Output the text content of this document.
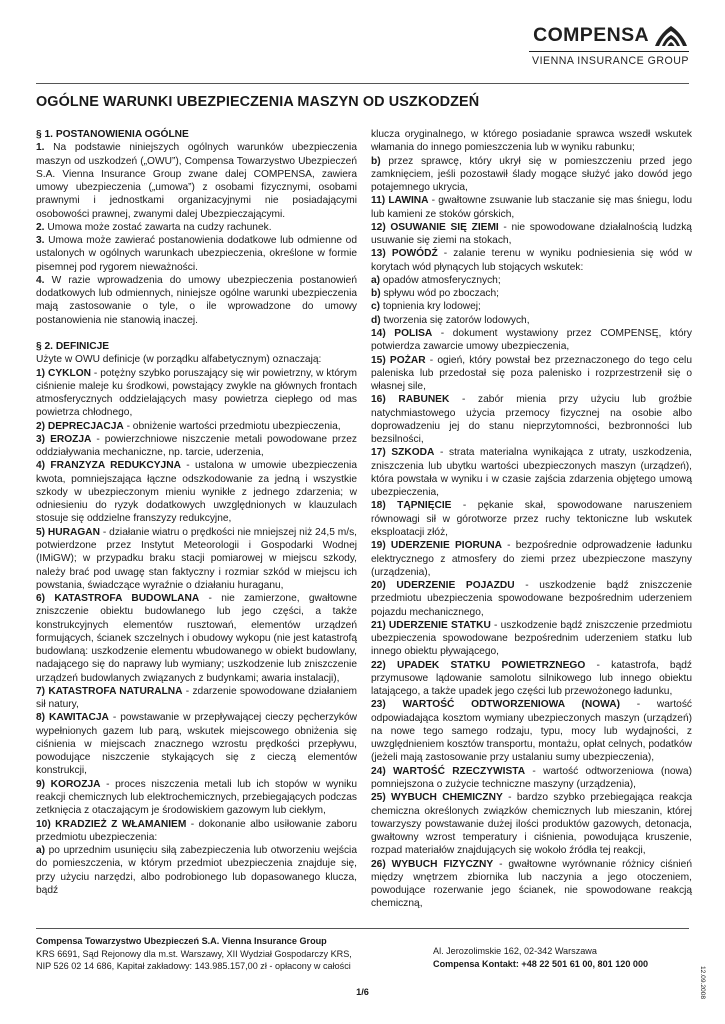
COMPENSA
VIENNA INSURANCE GROUP
OGÓLNE WARUNKI UBEZPIECZENIA MASZYN OD USZKODZEŃ

§ 1. POSTANOWIENIA OGÓLNE

1. Na podstawie niniejszych ogólnych warunków ubezpieczenia maszyn od uszkodzeń („OWU”), Compensa Towarzystwo Ubezpieczeń S.A. Vienna Insurance Group zwane dalej COMPENSA, zawiera umowy ubezpieczenia („umowa”) z osobami fizycznymi, osobami prawnymi i jednostkami organizacyjnymi nie posiadającymi osobowości prawnej, zwanymi dalej Ubezpieczającymi.

2. Umowa może zostać zawarta na cudzy rachunek.

3. Umowa może zawierać postanowienia dodatkowe lub odmienne od ustalonych w ogólnych warunkach ubezpieczenia, określone w formie pisemnej pod rygorem nieważności.

4. W razie wprowadzenia do umowy ubezpieczenia postanowień dodatkowych lub odmiennych, niniejsze ogólne warunki ubezpieczenia mają zastosowanie o tyle, o ile wprowadzone do umowy postanowienia nie stanowią inaczej.

§ 2. DEFINICJE

Użyte w OWU definicje (w porządku alfabetycznym) oznaczają:

1) CYKLON - potężny szybko poruszający się wir powietrzny, w którym ciśnienie maleje ku środkowi, powstający zwykle na głównych frontach atmosferycznych oddzielających masy powietrza ciepłego od mas powietrza chłodnego,

2) DEPRECJACJA - obniżenie wartości przedmiotu ubezpieczenia,

3) EROZJA - powierzchniowe niszczenie metali powodowane przez oddziaływania mechaniczne, np. tarcie, uderzenia,

4) FRANZYZA REDUKCYJNA - ustalona w umowie ubezpieczenia kwota, pomniejszająca łączne odszkodowanie za jedną i wszystkie szkody w ubezpieczonym mieniu wynikłe z jednego zdarzenia; w odniesieniu do ryzyk dodatkowych uwzględnionych w klauzulach stosuje się oddzielne franszyzy redukcyjne,

5) HURAGAN - działanie wiatru o prędkości nie mniejszej niż 24,5 m/s, potwierdzone przez Instytut Meteorologii i Gospodarki Wodnej (IMiGW); w przypadku braku stacji pomiarowej w miejscu szkody, należy brać pod uwagę stan faktyczny i rozmiar szkód w miejscu ich powstania, świadczące wyraźnie o działaniu huraganu,

6) KATASTROFA BUDOWLANA - nie zamierzone, gwałtowne zniszczenie obiektu budowlanego lub jego części, a także konstrukcyjnych elementów rusztowań, elementów urządzeń formujących, ścianek szczelnych i obudowy wykopu (nie jest katastrofą budowlaną: uszkodzenie elementu wbudowanego w obiekt budowlany, nadającego się do naprawy lub wymiany; uszkodzenie lub zniszczenie urządzeń budowlanych związanych z budynkami; awaria instalacji),

7) KATASTROFA NATURALNA - zdarzenie spowodowane działaniem sił natury,

8) KAWITACJA - powstawanie w przepływającej cieczy pęcherzyków wypełnionych gazem lub parą, wskutek miejscowego obniżenia się ciśnienia w miejscach znacznego wzrostu prędkości przepływu, powodujące niszczenie stykających się z cieczą elementów konstrukcji,

9) KOROZJA - proces niszczenia metali lub ich stopów w wyniku reakcji chemicznych lub elektrochemicznych, przebiegających podczas zetknięcia z otaczającym je środowiskiem gazowym lub ciekłym,

10) KRADZIEŻ Z WŁAMANIEM - dokonanie albo usiłowanie zaboru przedmiotu ubezpieczenia:

a) po uprzednim usunięciu siłą zabezpieczenia lub otworzeniu wejścia do pomieszczenia, w którym przedmiot ubezpieczenia znajduje się, przy użyciu narzędzi, albo podrobionego lub dopasowanego klucza, bądź

klucza oryginalnego, w którego posiadanie sprawca wszedł wskutek włamania do innego pomieszczenia lub w wyniku rabunku;

b) przez sprawcę, który ukrył się w pomieszczeniu przed jego zamknięciem, jeśli pozostawił ślady mogące służyć jako dowód jego potajemnego ukrycia,

11) LAWINA - gwałtowne zsuwanie lub staczanie się mas śniegu, lodu lub kamieni ze stoków górskich,

12) OSUWANIE SIĘ ZIEMI - nie spowodowane działalnością ludzką usuwanie się ziemi na stokach,

13) POWÓDŹ - zalanie terenu w wyniku podniesienia się wód w korytach wód płynących lub stojących wskutek:

a) opadów atmosferycznych;

b) spływu wód po zboczach;

c) topnienia kry lodowej;

d) tworzenia się zatorów lodowych,

14) POLISA - dokument wystawiony przez COMPENSĘ, który potwierdza zawarcie umowy ubezpieczenia,

15) POŻAR - ogień, który powstał bez przeznaczonego do tego celu paleniska lub przedostał się poza palenisko i rozprzestrzenił się o własnej sile,

16) RABUNEK - zabór mienia przy użyciu lub groźbie natychmiastowego użycia przemocy fizycznej na osobie albo doprowadzeniu jej do stanu nieprzytomności, bezbronności lub bezsilności,

17) SZKODA - strata materialna wynikająca z utraty, uszkodzenia, zniszczenia lub ubytku wartości ubezpieczonych maszyn (urządzeń), która powstała w wyniku i w czasie zajścia zdarzenia objętego umową ubezpieczenia,

18) TĄPNIĘCIE - pękanie skał, spowodowane naruszeniem równowagi sił w górotworze przez ruchy tektoniczne lub wskutek eksploatacji złóż,

19) UDERZENIE PIORUNA - bezpośrednie odprowadzenie ładunku elektrycznego z atmosfery do ziemi przez ubezpieczone maszyny (urządzenia),

20) UDERZENIE POJAZDU - uszkodzenie bądź zniszczenie przedmiotu ubezpieczenia spowodowane bezpośrednim uderzeniem pojazdu mechanicznego,

21) UDERZENIE STATKU - uszkodzenie bądź zniszczenie przedmiotu ubezpieczenia spowodowane bezpośrednim uderzeniem statku lub innego obiektu pływającego,

22) UPADEK STATKU POWIETRZNEGO - katastrofa, bądź przymusowe lądowanie samolotu silnikowego lub innego obiektu latającego, a także upadek jego części lub przewożonego ładunku,

23) WARTOŚĆ ODTWORZENIOWA (NOWA) - wartość odpowiadająca kosztom wymiany ubezpieczonych maszyn (urządzeń) na nowe tego samego rodzaju, typu, mocy lub wydajności, z uwzględnieniem kosztów transportu, montażu, opłat celnych, podatków (jeżeli mają zastosowanie przy ustalaniu sumy ubezpieczenia),

24) WARTOŚĆ RZECZYWISTA - wartość odtworzeniowa (nowa) pomniejszona o zużycie techniczne maszyny (urządzenia),

25) WYBUCH CHEMICZNY - bardzo szybko przebiegająca reakcja chemiczna określonych związków chemicznych lub mieszanin, której towarzyszy powstawanie dużej ilości produktów gazowych, detonacja, gwałtowny wzrost temperatury i ciśnienia, powodująca kruszenie, rozpad materiałów znajdujących się wokoło źródła tej reakcji,

26) WYBUCH FIZYCZNY - gwałtowne wyrównanie różnicy ciśnień między wnętrzem zbiornika lub naczynia a jego otoczeniem, powodujące rozerwanie jego ścianek, nie spowodowane reakcją chemiczną,

Compensa Towarzystwo Ubezpieczeń S.A. Vienna Insurance Group
KRS 6691, Sąd Rejonowy dla m.st. Warszawy, XII Wydział Gospodarczy KRS,
NIP 526 02 14 686, Kapitał zakładowy: 143.985.157,00 zł - opłacony w całości
Al. Jerozolimskie 162, 02-342 Warszawa
Compensa Kontakt: +48 22 501 61 00, 801 120 000
1/6	12.09.2008
